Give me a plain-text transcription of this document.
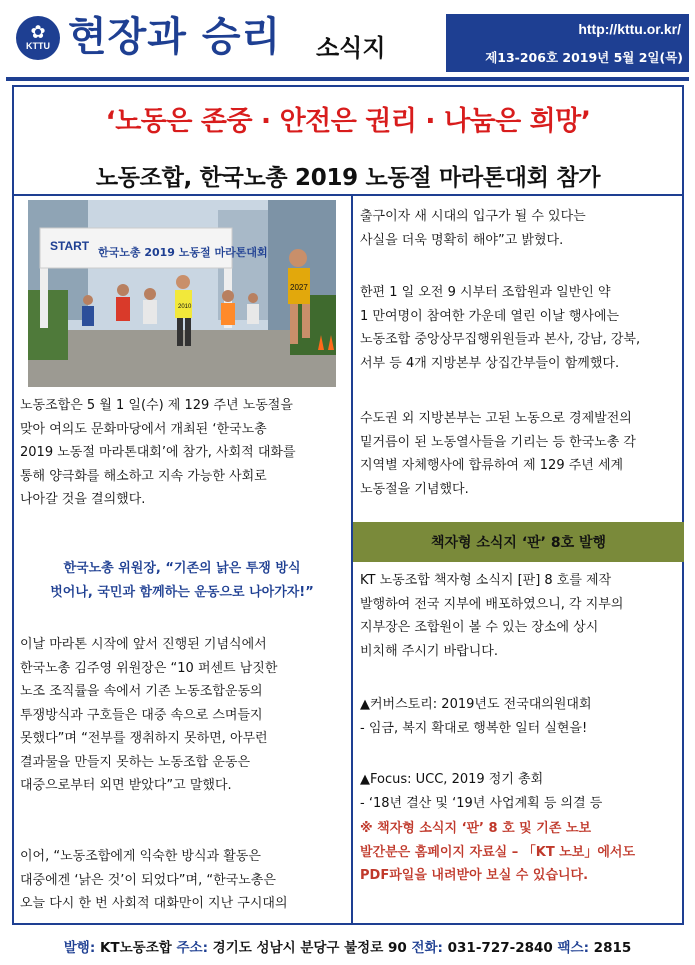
✿
KTTU 현장과 승리 소식지
http://kttu.or.kr/
제13-206호 2019년 5월 2일(목)
‘노동은 존중 · 안전은 권리 · 나눔은 희망’
노동조합, 한국노총 2019 노동절 마라톤대회 참가
START 한국노총 2019 노동절 마라톤대회
2027
2010
노동조합은 5 월 1 일(수) 제 129 주년 노동절을
맞아 여의도 문화마당에서 개최된 ‘한국노총
2019 노동절 마라톤대회’에 참가, 사회적 대화를
통해 양극화를 해소하고 지속 가능한 사회로
나아갈 것을 결의했다.
한국노총 위원장, “기존의 낡은 투쟁 방식
벗어나, 국민과 함께하는 운동으로 나아가자!”
이날 마라톤 시작에 앞서 진행된 기념식에서
한국노총 김주영 위원장은 “10 퍼센트 남짓한
노조 조직률을 속에서 기존 노동조합운동의
투쟁방식과 구호들은 대중 속으로 스며들지
못했다”며 “전부를 쟁취하지 못하면, 아무런
결과물을 만들지 못하는 노동조합 운동은
대중으로부터 외면 받았다”고 말했다.
이어, “노동조합에게 익숙한 방식과 활동은
대중에겐 ‘낡은 것’이 되었다”며, “한국노총은
오늘 다시 한 번 사회적 대화만이 지난 구시대의
출구이자 새 시대의 입구가 될 수 있다는
사실을 더욱 명확히 해야”고 밝혔다.
한편 1 일 오전 9 시부터 조합원과 일반인 약
1 만여명이 참여한 가운데 열린 이날 행사에는
노동조합 중앙상무집행위원들과 본사, 강남, 강북,
서부 등 4개 지방본부 상집간부들이 함께했다.
수도권 외 지방본부는 고된 노동으로 경제발전의
밑거름이 된 노동열사들을 기리는 등 한국노총 각
지역별 자체행사에 합류하여 제 129 주년 세계
노동절을 기념했다.
책자형 소식지 ‘판’ 8호 발행
KT 노동조합 책자형 소식지 [판] 8 호를 제작
발행하여 전국 지부에 배포하였으니, 각 지부의
지부장은 조합원이 볼 수 있는 장소에 상시
비치해 주시기 바랍니다.
▲커버스토리: 2019년도 전국대의원대회
- 임금, 복지 확대로 행복한 일터 실현을!
▲Focus: UCC, 2019 정기 총회
- ‘18년 결산 및 ‘19년 사업계획 등 의결 등
※ 책자형 소식지 ‘판’ 8 호 및 기존 노보
발간분은 홈페이지 자료실 – 「KT 노보」에서도
PDF파일을 내려받아 보실 수 있습니다.
발행: KT노동조합 주소: 경기도 성남시 분당구 불정로 90 전화: 031-727-2840 팩스: 2815
